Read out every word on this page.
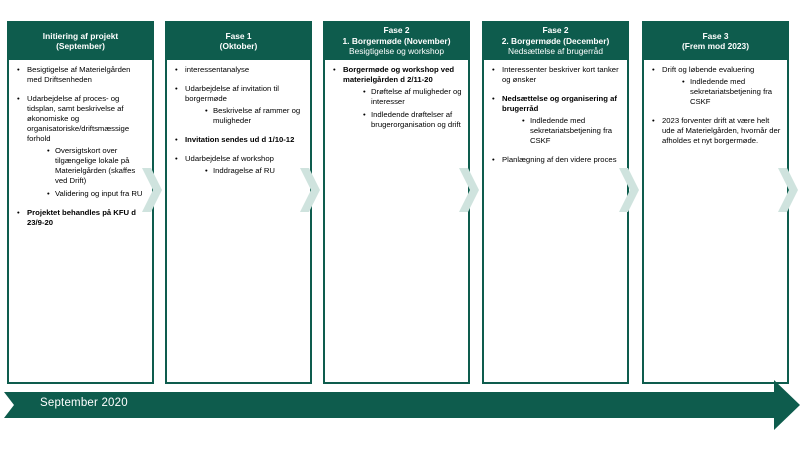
Initiering af projekt
(September)
• Besigtigelse af Materielgården med Driftsenheden
• Udarbejdelse af proces- og tidsplan, samt beskrivelse af økonomiske og organisatoriske/driftsmæssige forhold
• Oversigtskort over tilgængelige lokale på Materielgården (skaffes ved Drift)
• Validering og input fra RU
• Projektet behandles på KFU d 23/9-20
Fase 1
(Oktober)
• interessentanalyse
• Udarbejdelse af invitation til borgermøde
• Beskrivelse af rammer og muligheder
• Invitation sendes ud d 1/10-12
• Udarbejdelse af workshop
• Inddragelse af RU
Fase 2
1. Borgermøde (November)
Besigtigelse og workshop
• Borgermøde og workshop ved materielgården d 2/11-20
• Drøftelse af muligheder og interesser
• Indledende drøftelser af brugerorganisation og drift
Fase 2
2. Borgermøde (December)
Nedsættelse af brugerråd
• Interessenter beskriver kort tanker og ønsker
• Nedsættelse og organisering af brugerråd
• Indledende med sekretariatsbetjening fra CSKF
• Planlægning af den videre proces
Fase 3
(Frem mod 2023)
• Drift og løbende evaluering
• Indledende med sekretariatsbetjening fra CSKF
• 2023 forventer drift at være helt ude af Materielgården, hvornår der afholdes et nyt borgermøde.
September 2020
